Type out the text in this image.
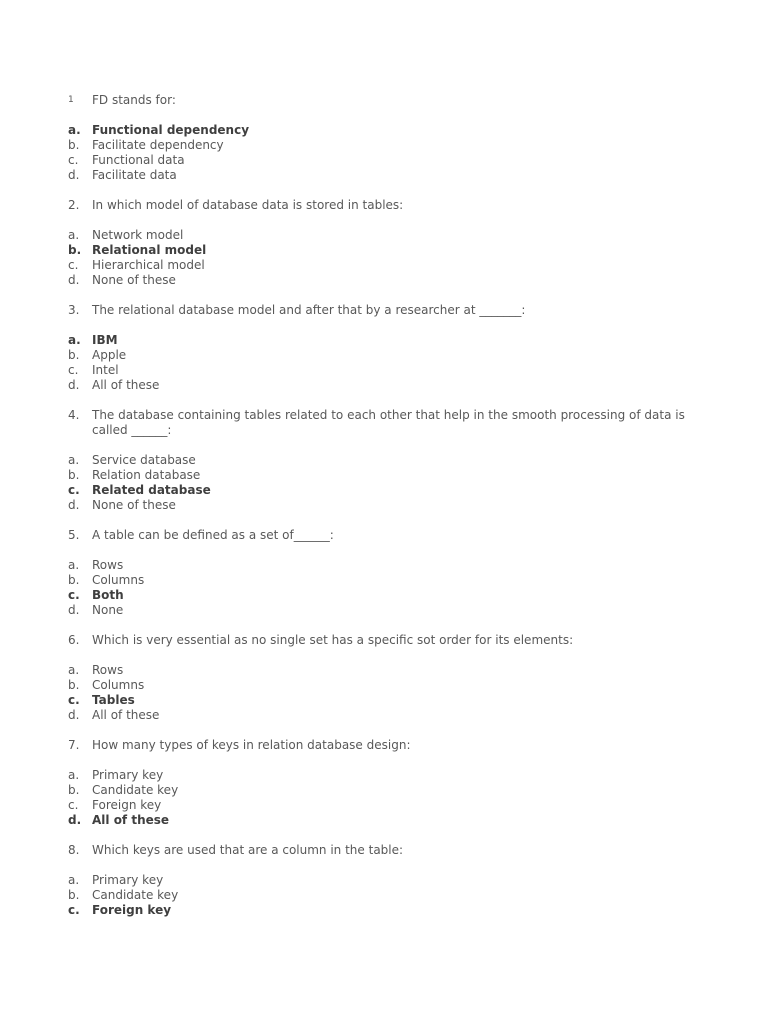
1 FD stands for:
a. Functional dependency
b. Facilitate dependency
c. Functional data
d. Facilitate data
2. In which model of database data is stored in tables:
a. Network model
b. Relational model
c. Hierarchical model
d. None of these
3. The relational database model and after that by a researcher at _______:
a. IBM
b. Apple
c. Intel
d. All of these
4. The database containing tables related to each other that help in the smooth processing of data is
called ______:
a. Service database
b. Relation database
c. Related database
d. None of these
5. A table can be defined as a set of______:
a. Rows
b. Columns
c. Both
d. None
6. Which is very essential as no single set has a specific sot order for its elements:
a. Rows
b. Columns
c. Tables
d. All of these
7. How many types of keys in relation database design:
a. Primary key
b. Candidate key
c. Foreign key
d. All of these
8. Which keys are used that are a column in the table:
a. Primary key
b. Candidate key
c. Foreign key
